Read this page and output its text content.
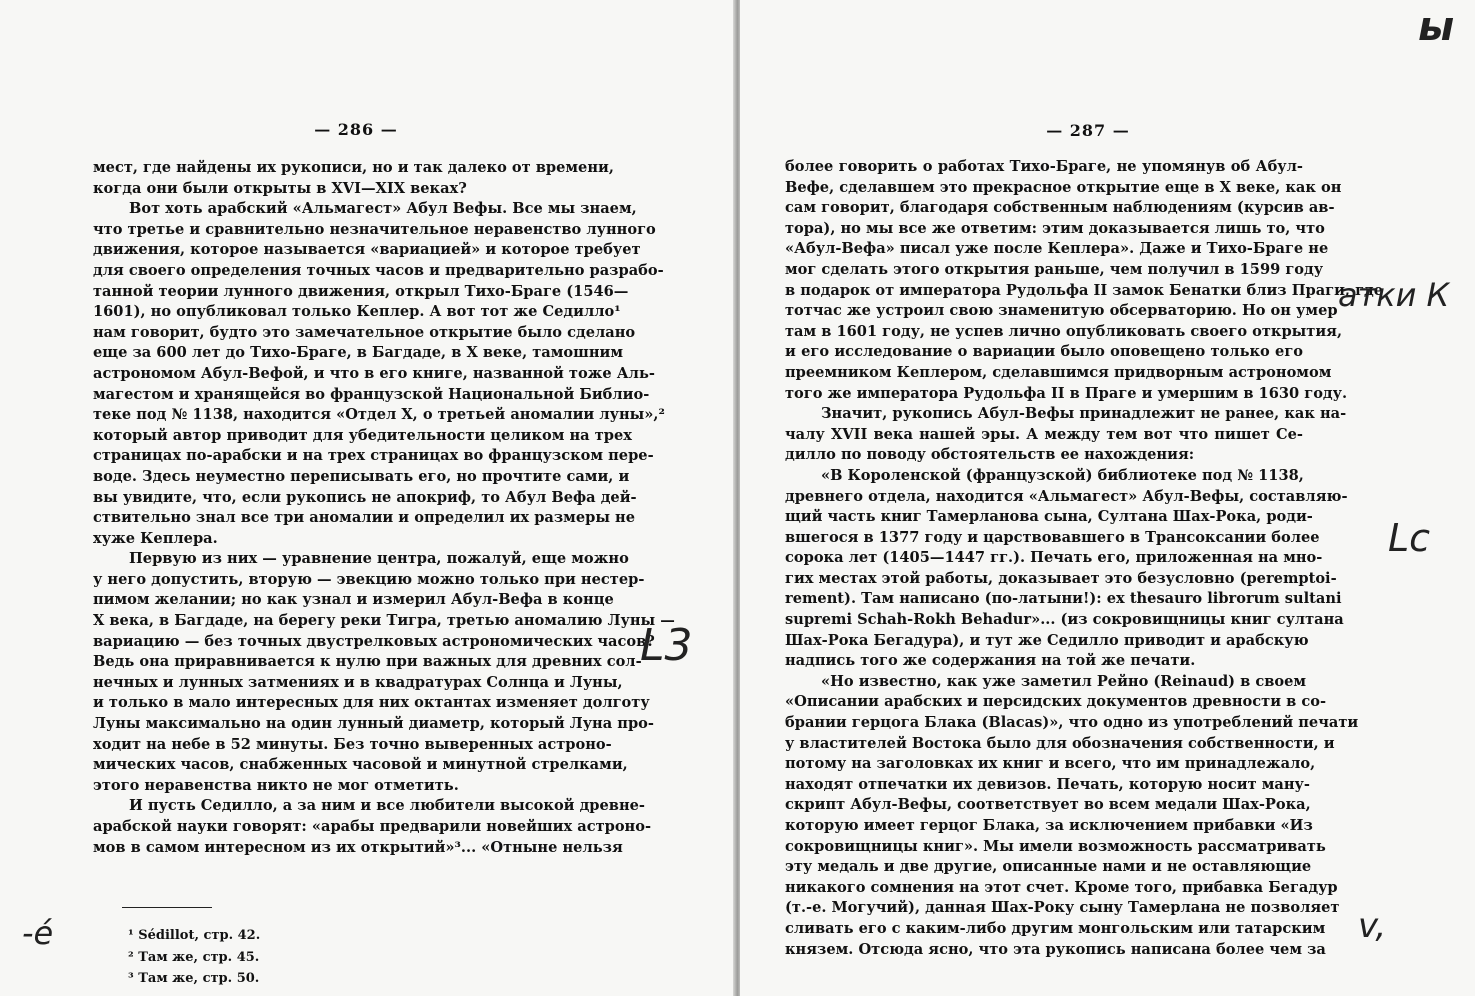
— 286 —
мест, где найдены их рукописи, но и так далеко от времени,
когда они были открыты в XVI—XIX веках?
Вот хоть арабский «Альмагест» Абул Вефы. Все мы знаем,
что третье и сравнительно незначительное неравенство лунного
движения, которое называется «вариацией» и которое требует
для своего определения точных часов и предварительно разрабо-
танной теории лунного движения, открыл Тихо-Браге (1546—
1601), но опубликовал только Кеплер. А вот тот же Седилло¹
нам говорит, будто это замечательное открытие было сделано
еще за 600 лет до Тихо-Браге, в Багдаде, в X веке, тамошним
астрономом Абул-Вефой, и что в его книге, названной тоже Аль-
магестом и хранящейся во французской Национальной Библио-
теке под № 1138, находится «Отдел X, о третьей аномалии луны»,²
который автор приводит для убедительности целиком на трех
страницах по-арабски и на трех страницах во французском пере-
воде. Здесь неуместно переписывать его, но прочтите сами, и
вы увидите, что, если рукопись не апокриф, то Абул Вефа дей-
ствительно знал все три аномалии и определил их размеры не
хуже Кеплера.
Первую из них — уравнение центра, пожалуй, еще можно
у него допустить, вторую — эвекцию можно только при нестер-
пимом желании; но как узнал и измерил Абул-Вефа в конце
X века, в Багдаде, на берегу реки Тигра, третью аномалию Луны —
вариацию — без точных двустрелковых астрономических часов?
Ведь она приравнивается к нулю при важных для древних сол-
нечных и лунных затмениях и в квадратурах Солнца и Луны,
и только в мало интересных для них октантах изменяет долготу
Луны максимально на один лунный диаметр, который Луна про-
ходит на небе в 52 минуты. Без точно выверенных астроно-
мических часов, снабженных часовой и минутной стрелками,
этого неравенства никто не мог отметить.
И пусть Седилло, а за ним и все любители высокой древне-
арабской науки говорят: «арабы предварили новейших астроно-
мов в самом интересном из их открытий»³... «Отныне нельзя
¹ Sédillot, стр. 42.
² Там же, стр. 45.
³ Там же, стр. 50.
— 287 —
более говорить о работах Тихо-Браге, не упомянув об Абул-
Вефе, сделавшем это прекрасное открытие еще в X веке, как он
сам говорит, благодаря собственным наблюдениям (курсив ав-
тора), но мы все же ответим: этим доказывается лишь то, что
«Абул-Вефа» писал уже после Кеплера». Даже и Тихо-Браге не
мог сделать этого открытия раньше, чем получил в 1599 году
в подарок от императора Рудольфа II замок Бенатки близ Праги, где
тотчас же устроил свою знаменитую обсерваторию. Но он умер
там в 1601 году, не успев лично опубликовать своего открытия,
и его исследование о вариации было оповещено только его
преемником Кеплером, сделавшимся придворным астрономом
того же императора Рудольфа II в Праге и умершим в 1630 году.
Значит, рукопись Абул-Вефы принадлежит не ранее, как на-
чалу XVII века нашей эры. А между тем вот что пишет Се-
дилло по поводу обстоятельств ее нахождения:
«В Короленской (французской) библиотеке под № 1138,
древнего отдела, находится «Альмагест» Абул-Вефы, составляю-
щий часть книг Тамерланова сына, Султана Шах-Рока, роди-
вшегося в 1377 году и царствовавшего в Трансоксании более
сорока лет (1405—1447 гг.). Печать его, приложенная на мно-
гих местах этой работы, доказывает это безусловно (peremptoi-
rement). Там написано (по-латыни!): ex thesauro librorum sultani
supremi Schah-Rokh Behadur»... (из сокровищницы книг султана
Шах-Рока Бегадура), и тут же Седилло приводит и арабскую
надпись того же содержания на той же печати.
«Но известно, как уже заметил Рейно (Reinaud) в своем
«Описании арабских и персидских документов древности в со-
брании герцога Блака (Blacas)», что одно из употреблений печати
у властителей Востока было для обозначения собственности, и
потому на заголовках их книг и всего, что им принадлежало,
находят отпечатки их девизов. Печать, которую носит ману-
скрипт Абул-Вефы, соответствует во всем медали Шах-Рока,
которую имеет герцог Блака, за исключением прибавки «Из
сокровищницы книг». Мы имели возможность рассматривать
эту медаль и две другие, описанные нами и не оставляющие
никакого сомнения на этот счет. Кроме того, прибавка Бегадур
(т.-е. Могучий), данная Шах-Року сыну Тамерлана не позволяет
сливать его с каким-либо другим монгольским или татарским
князем. Отсюда ясно, что эта рукопись написана более чем за
ы
атки К
Lc
v,
L3
-é
